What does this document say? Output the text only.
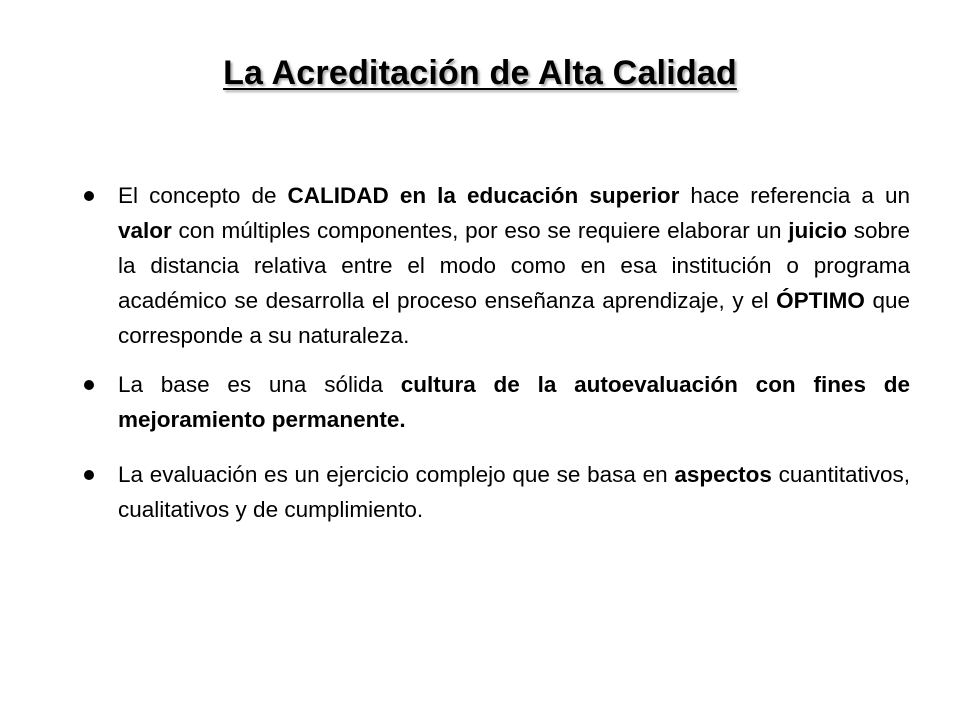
La Acreditación de Alta Calidad
El concepto de CALIDAD en la educación superior hace referencia a un valor con múltiples componentes, por eso se requiere elaborar un juicio sobre la distancia relativa entre el modo como en esa institución o programa académico se desarrolla el proceso enseñanza aprendizaje, y el ÓPTIMO que corresponde a su naturaleza.
La base es una sólida cultura de la autoevaluación con fines de mejoramiento permanente.
La evaluación es un ejercicio complejo que se basa en aspectos cuantitativos, cualitativos y de cumplimiento.
